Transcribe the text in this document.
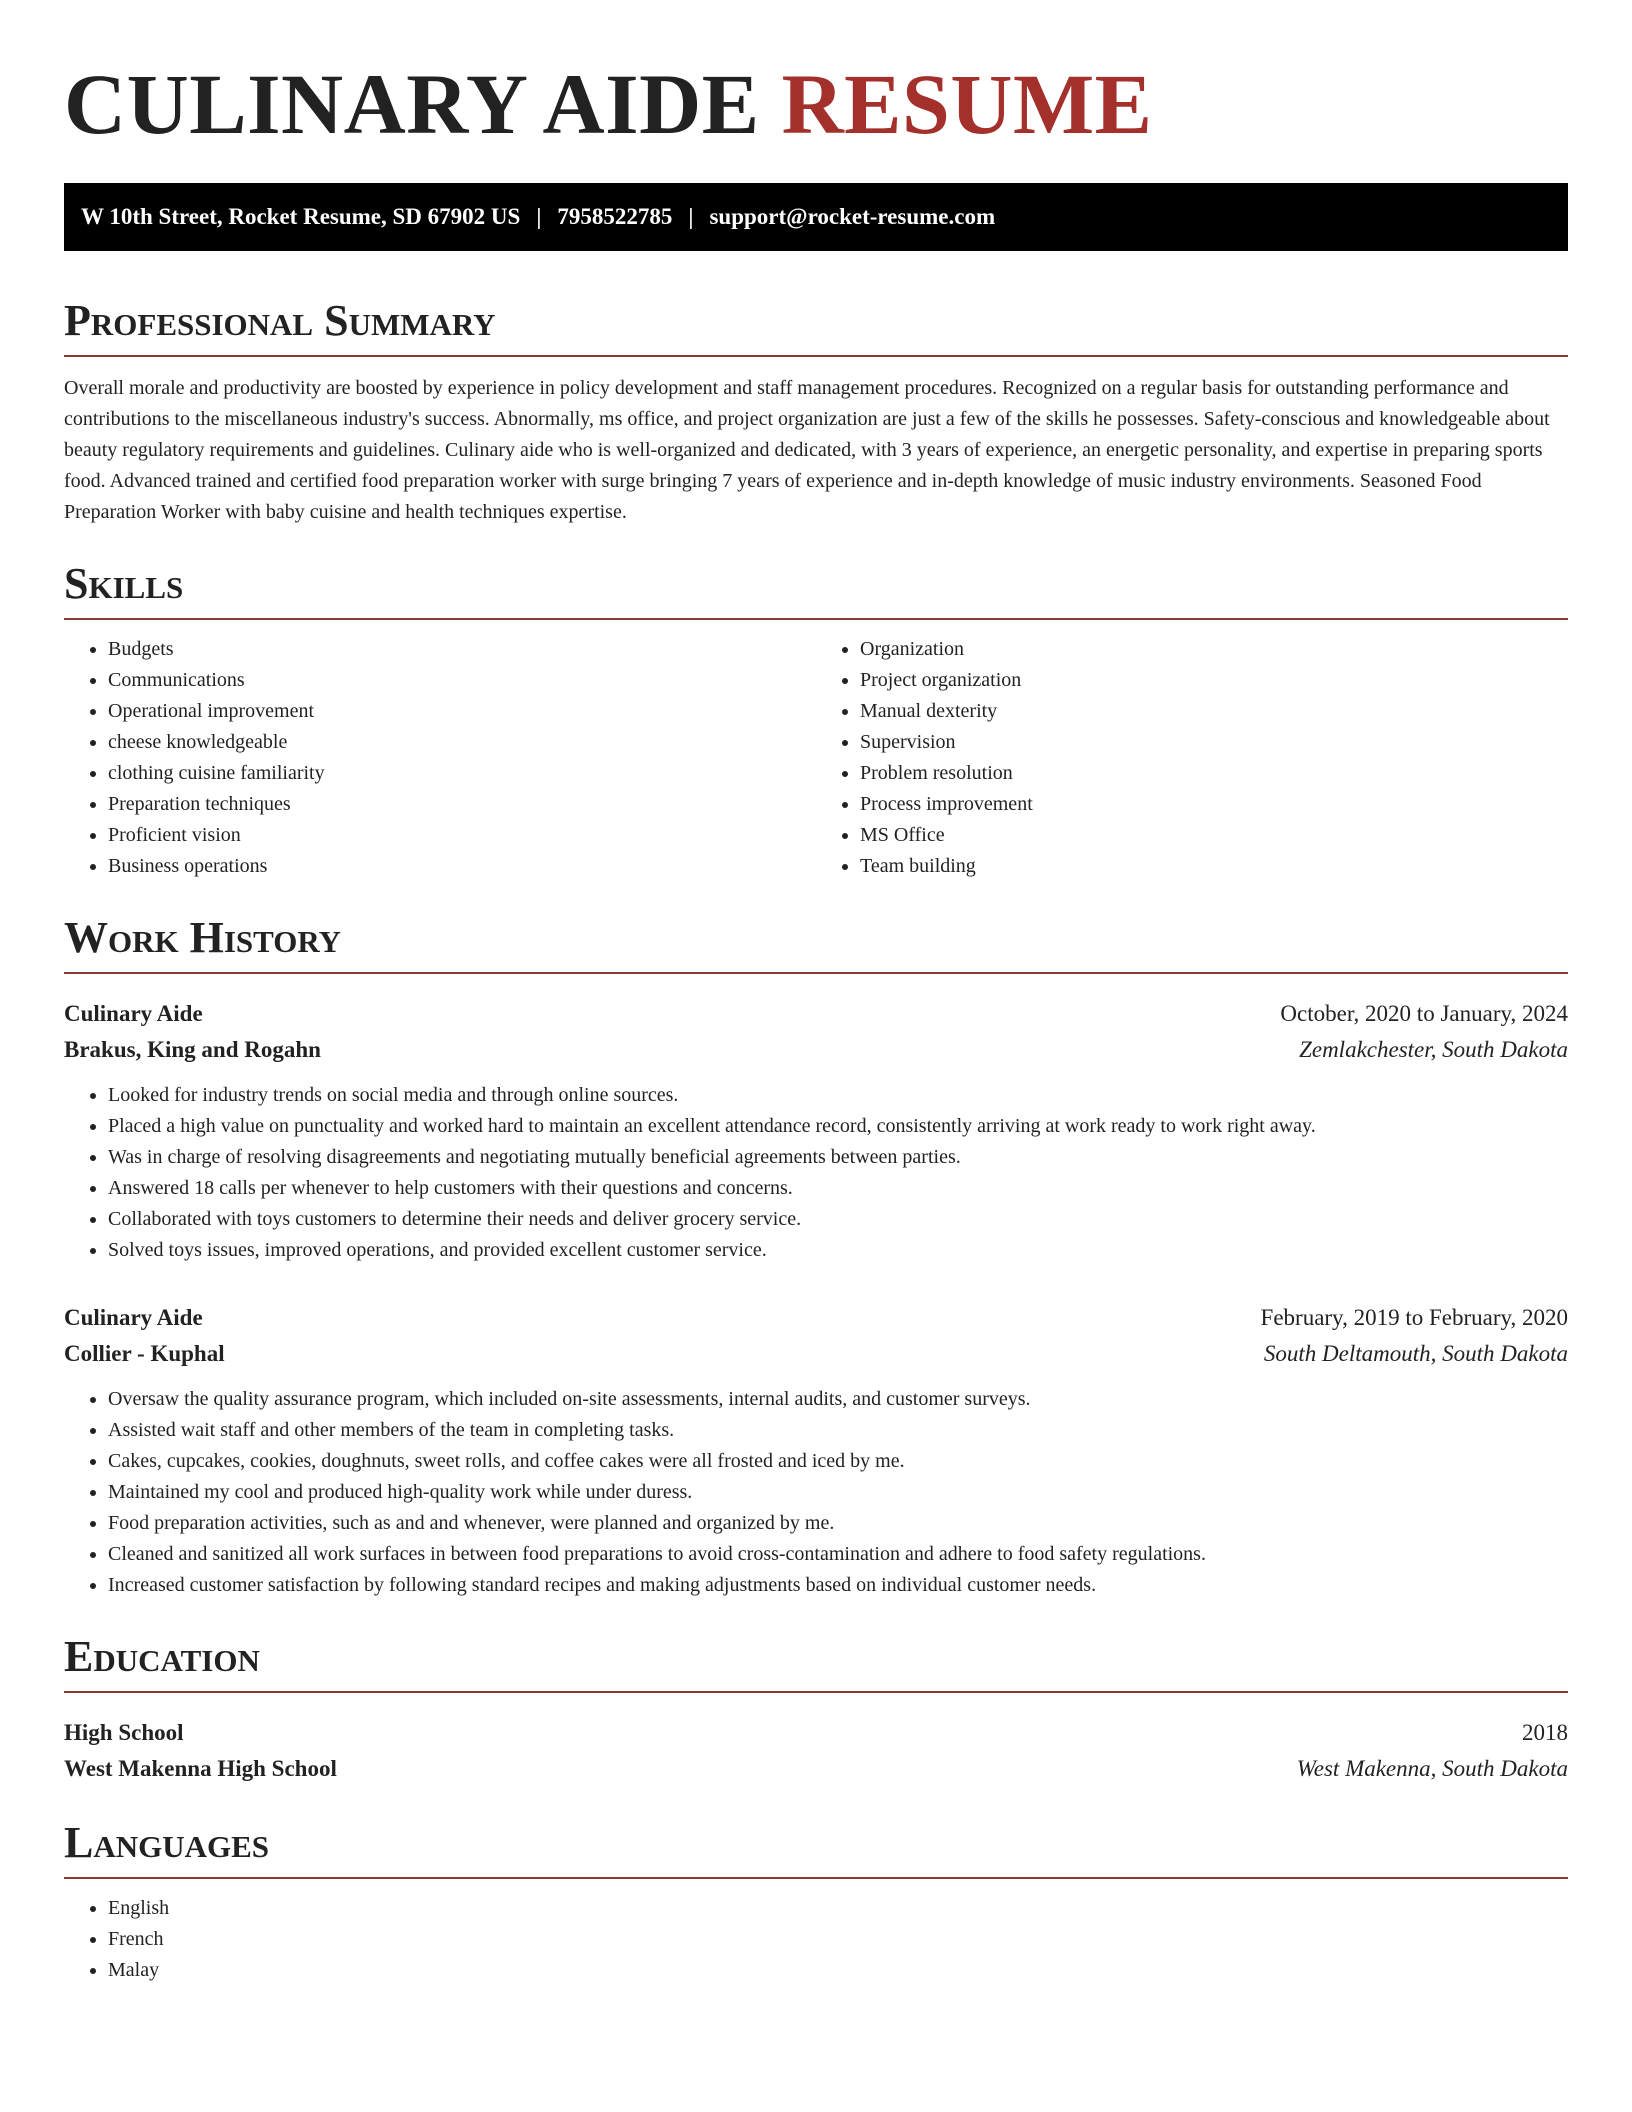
CULINARY AIDE RESUME
W 10th Street, Rocket Resume, SD 67902 US | 7958522785 | support@rocket-resume.com
Professional Summary

Overall morale and productivity are boosted by experience in policy development and staff management procedures. Recognized on a regular basis for outstanding performance and contributions to the miscellaneous industry's success. Abnormally, ms office, and project organization are just a few of the skills he possesses. Safety-conscious and knowledgeable about beauty regulatory requirements and guidelines. Culinary aide who is well-organized and dedicated, with 3 years of experience, an energetic personality, and expertise in preparing sports food. Advanced trained and certified food preparation worker with surge bringing 7 years of experience and in-depth knowledge of music industry environments. Seasoned Food Preparation Worker with baby cuisine and health techniques expertise.

Skills
• Budgets
• Communications
• Operational improvement
• cheese knowledgeable
• clothing cuisine familiarity
• Preparation techniques
• Proficient vision
• Business operations
• Organization
• Project organization
• Manual dexterity
• Supervision
• Problem resolution
• Process improvement
• MS Office
• Team building
Work History
Culinary Aide	October, 2020 to January, 2024
Brakus, King and Rogahn	Zemlakchester, South Dakota
• Looked for industry trends on social media and through online sources.
• Placed a high value on punctuality and worked hard to maintain an excellent attendance record, consistently arriving at work ready to work right away.
• Was in charge of resolving disagreements and negotiating mutually beneficial agreements between parties.
• Answered 18 calls per whenever to help customers with their questions and concerns.
• Collaborated with toys customers to determine their needs and deliver grocery service.
• Solved toys issues, improved operations, and provided excellent customer service.
Culinary Aide	February, 2019 to February, 2020
Collier - Kuphal	South Deltamouth, South Dakota
• Oversaw the quality assurance program, which included on-site assessments, internal audits, and customer surveys.
• Assisted wait staff and other members of the team in completing tasks.
• Cakes, cupcakes, cookies, doughnuts, sweet rolls, and coffee cakes were all frosted and iced by me.
• Maintained my cool and produced high-quality work while under duress.
• Food preparation activities, such as and and whenever, were planned and organized by me.
• Cleaned and sanitized all work surfaces in between food preparations to avoid cross-contamination and adhere to food safety regulations.
• Increased customer satisfaction by following standard recipes and making adjustments based on individual customer needs.
Education
High School	2018
West Makenna High School	West Makenna, South Dakota
Languages
• English
• French
• Malay
